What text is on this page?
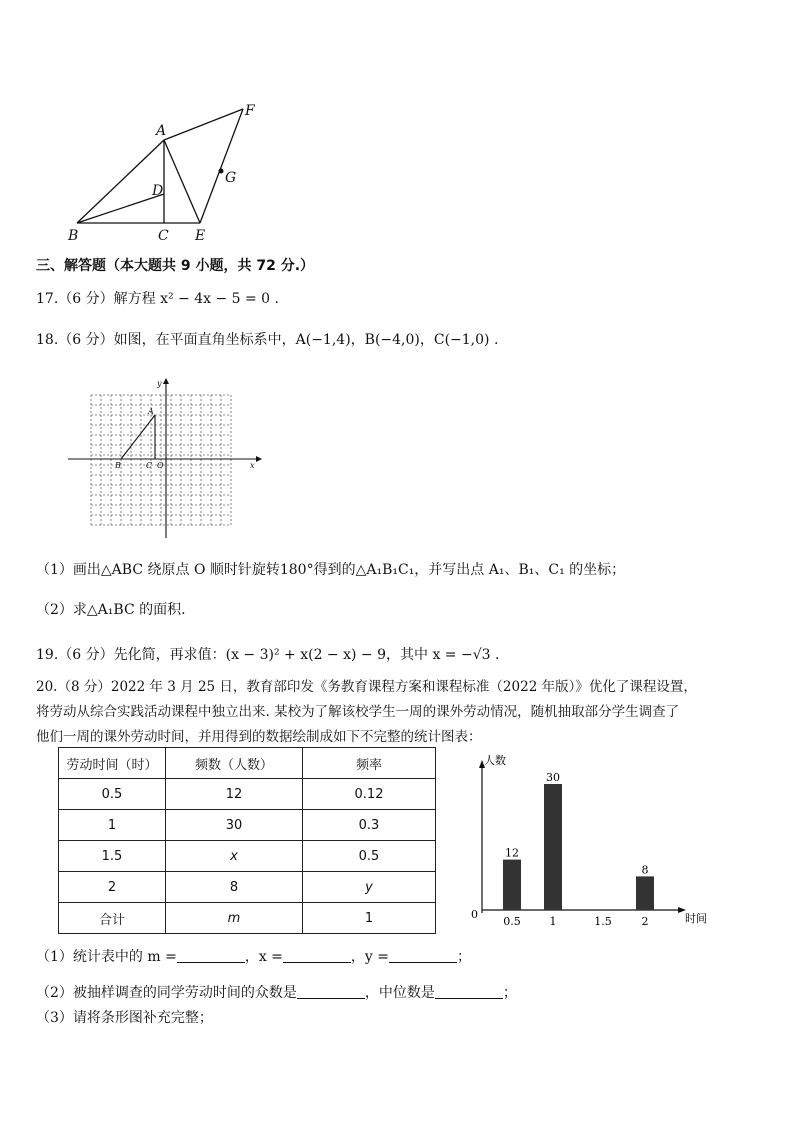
A
B	C
D
E
F
G
三、解答题（本大题共 9 小题，共 72 分.）
17.（6 分）解方程 x² − 4x − 5 = 0 .
18.（6 分）如图，在平面直角坐标系中，A(−1,4)，B(−4,0)，C(−1,0) .
y
x
A
B	C O
（1）画出△ABC 绕原点 O 顺时针旋转180°得到的△A₁B₁C₁，并写出点 A₁、B₁、C₁ 的坐标；
（2）求△A₁BC 的面积.
19.（6 分）先化简，再求值：(x − 3)² + x(2 − x) − 9，其中 x = −√3 .
20.（8 分）2022 年 3 月 25 日，教育部印发《务教育课程方案和课程标准（2022 年版）》优化了课程设置，
将劳动从综合实践活动课程中独立出来. 某校为了解该校学生一周的课外劳动情况，随机抽取部分学生调查了
他们一周的课外劳动时间，并用得到的数据绘制成如下不完整的统计图表：
劳动时间（时）	频数（人数）	频率
0.5	12	0.12
1	30	0.3
1.5	x	0.5
2	8	y
合计	m	1
人数
时间
0
0.5
12
1
30
1.5	2
8
（1）统计表中的 m =	，x =	，y =	；
（2）被抽样调查的同学劳动时间的众数是	，中位数是	；
（3）请将条形图补充完整；
